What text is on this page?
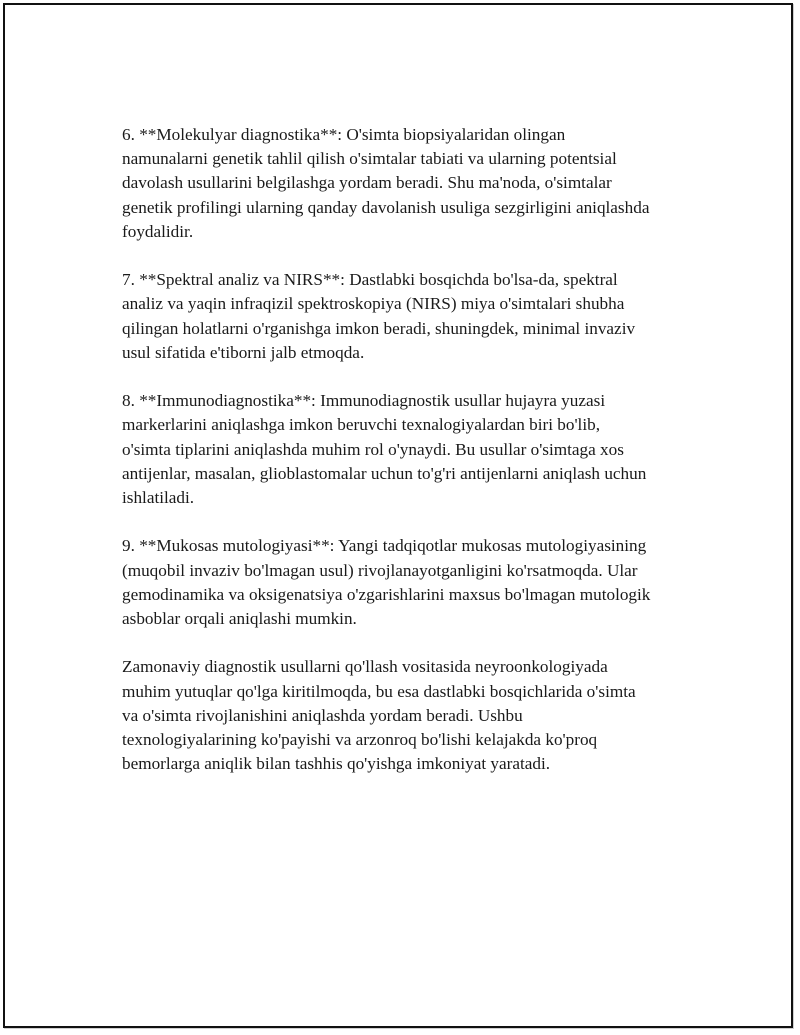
6. **Molekulyar diagnostika**: O'simta biopsiyalaridan olingan
namunalarni genetik tahlil qilish o'simtalar tabiati va ularning potentsial
davolash usullarini belgilashga yordam beradi. Shu ma'noda, o'simtalar
genetik profilingi ularning qanday davolanish usuliga sezgirligini aniqlashda
foydalidir.

7. **Spektral analiz va NIRS**: Dastlabki bosqichda bo'lsa-da, spektral
analiz va yaqin infraqizil spektroskopiya (NIRS) miya o'simtalari shubha
qilingan holatlarni o'rganishga imkon beradi, shuningdek, minimal invaziv
usul sifatida e'tiborni jalb etmoqda.

8. **Immunodiagnostika**: Immunodiagnostik usullar hujayra yuzasi
markerlarini aniqlashga imkon beruvchi texnalogiyalardan biri bo'lib,
o'simta tiplarini aniqlashda muhim rol o'ynaydi. Bu usullar o'simtaga xos
antijenlar, masalan, glioblastomalar uchun to'g'ri antijenlarni aniqlash uchun
ishlatiladi.

9. **Mukosas mutologiyasi**: Yangi tadqiqotlar mukosas mutologiyasining
(muqobil invaziv bo'lmagan usul) rivojlanayotganligini ko'rsatmoqda. Ular
gemodinamika va oksigenatsiya o'zgarishlarini maxsus bo'lmagan mutologik
asboblar orqali aniqlashi mumkin.

Zamonaviy diagnostik usullarni qo'llash vositasida neyroonkologiyada
muhim yutuqlar qo'lga kiritilmoqda, bu esa dastlabki bosqichlarida o'simta
va o'simta rivojlanishini aniqlashda yordam beradi. Ushbu
texnologiyalarining ko'payishi va arzonroq bo'lishi kelajakda ko'proq
bemorlarga aniqlik bilan tashhis qo'yishga imkoniyat yaratadi.
